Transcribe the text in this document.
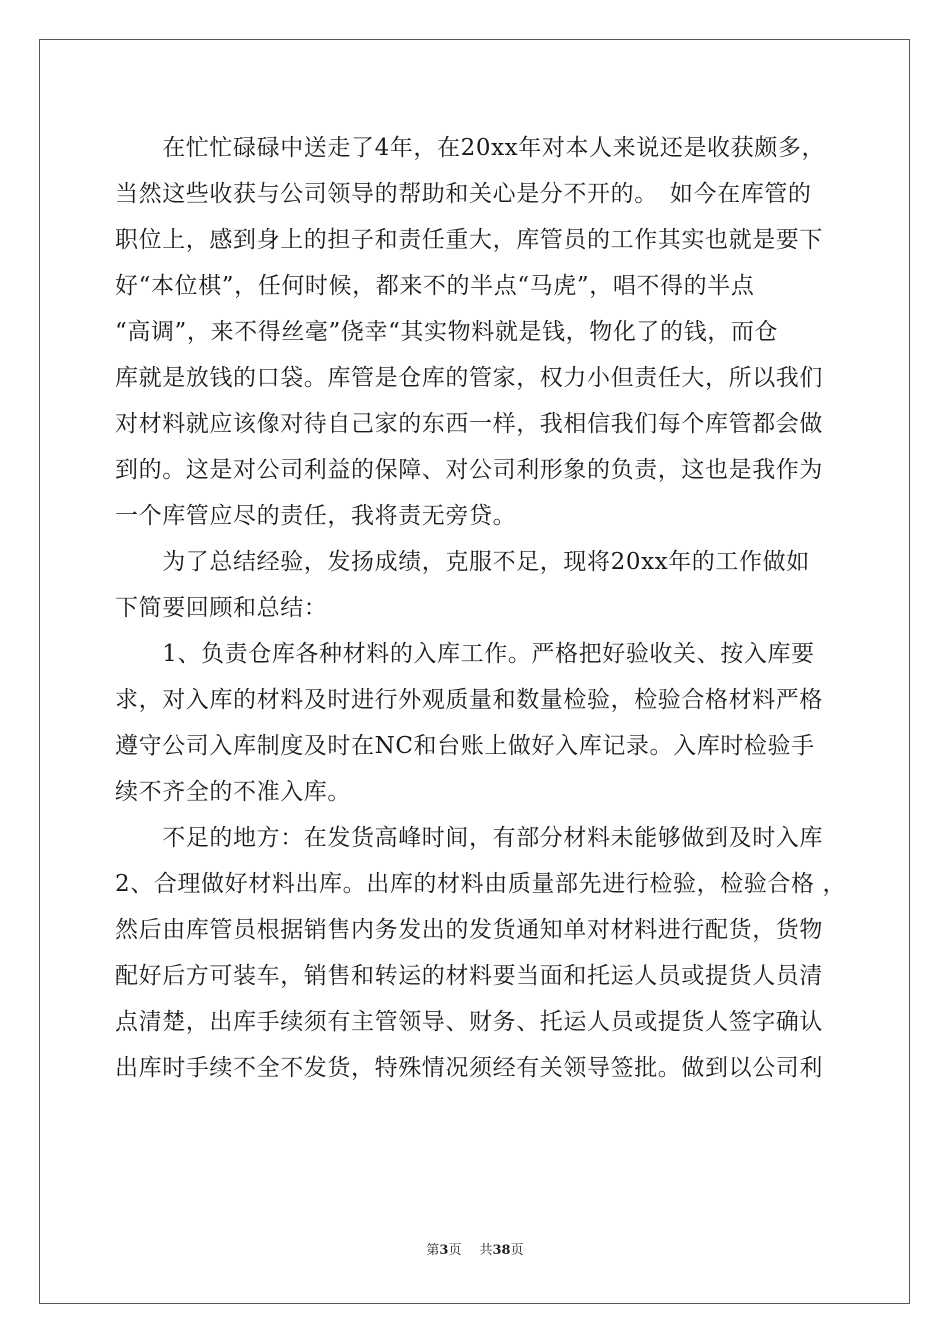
　　在忙忙碌碌中送走了4年，在20xx年对本人来说还是收获颇多，
当然这些收获与公司领导的帮助和关心是分不开的。　如今在库管的
职位上，感到身上的担子和责任重大，库管员的工作其实也就是要下
好“本位棋”，任何时候，都来不的半点“马虎”，唱不得的半点
“高调”，来不得丝毫”侥幸“其实物料就是钱，物化了的钱，而仓
库就是放钱的口袋。库管是仓库的管家，权力小但责任大，所以我们
对材料就应该像对待自己家的东西一样，我相信我们每个库管都会做
到的。这是对公司利益的保障、对公司利形象的负责，这也是我作为
一个库管应尽的责任，我将责无旁贷。
　　为了总结经验，发扬成绩，克服不足，现将20xx年的工作做如
下简要回顾和总结：
　　1、负责仓库各种材料的入库工作。严格把好验收关、按入库要
求，对入库的材料及时进行外观质量和数量检验，检验合格材料严格
遵守公司入库制度及时在NC和台账上做好入库记录。入库时检验手
续不齐全的不准入库。
　　不足的地方：在发货高峰时间，有部分材料未能够做到及时入库
2、合理做好材料出库。出库的材料由质量部先进行检验，检验合格 ，
然后由库管员根据销售内务发出的发货通知单对材料进行配货，货物
配好后方可装车，销售和转运的材料要当面和托运人员或提货人员清
点清楚，出库手续须有主管领导、财务、托运人员或提货人签字确认
出库时手续不全不发货，特殊情况须经有关领导签批。做到以公司利
第3页 共38页
